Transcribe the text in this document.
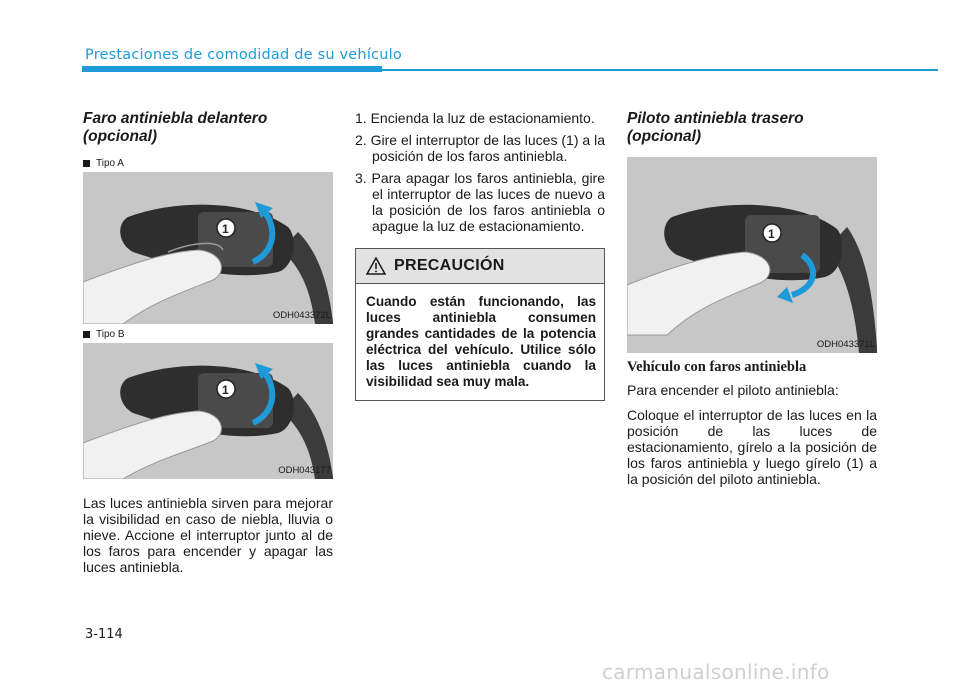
Prestaciones de comodidad de su vehículo
Faro antiniebla delantero (opcional)
Tipo A
1
ODH043372L
Tipo B
1
ODH043177

Las luces antiniebla sirven para mejorar la visibilidad en caso de niebla, lluvia o nieve. Accione el interruptor junto al de los faros para encender y apagar las luces antiniebla.

1. Encienda la luz de estacionamiento.
2. Gire el interruptor de las luces (1) a la posición de los faros antiniebla.
3. Para apagar los faros antiniebla, gire el interruptor de las luces de nuevo a la posición de los faros antiniebla o apague la luz de estacionamiento.
PRECAUCIÓN
Cuando están funcionando, las luces antiniebla consumen grandes cantidades de la potencia eléctrica del vehículo. Utilice sólo las luces antiniebla cuando la visibilidad sea muy mala.
Piloto antiniebla trasero (opcional)
1
ODH043371L
Vehículo con faros antiniebla

Para encender el piloto antiniebla:

Coloque el interruptor de las luces en la posición de las luces de estacionamiento, gírelo a la posición de los faros antiniebla y luego gírelo (1) a la posición del piloto antiniebla.

3-114
carmanualsonline.info
